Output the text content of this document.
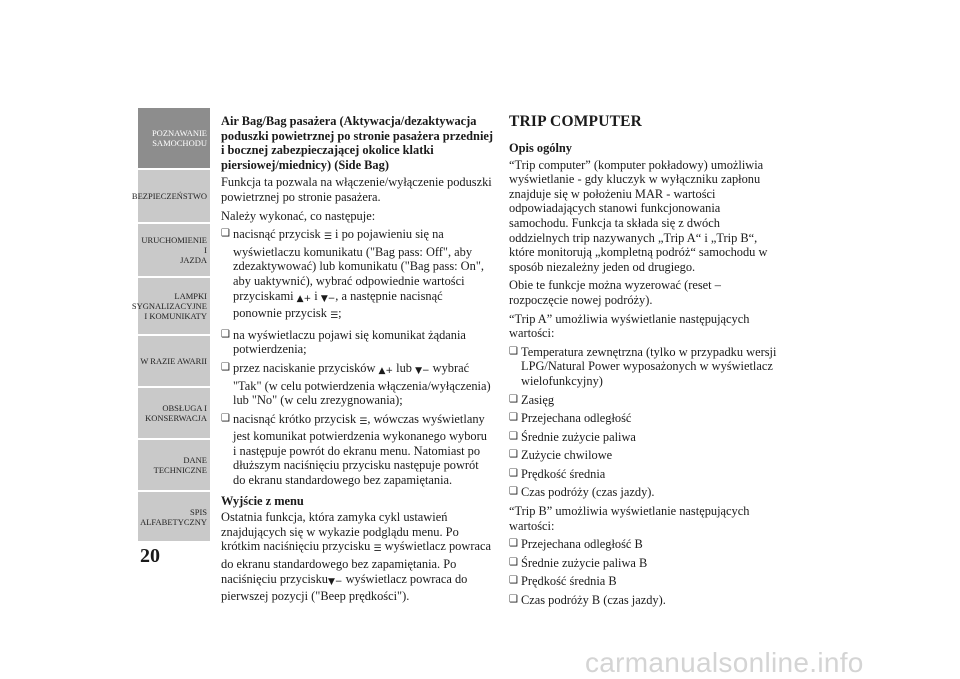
POZNAWANIE
SAMOCHODU
BEZPIECZEŃSTWO
URUCHOMIENIE I
JAZDA
LAMPKI
SYGNALIZACYJNE
I KOMUNIKATY
W RAZIE AWARII
OBSŁUGA I
KONSERWACJA
DANE
TECHNICZNE
SPIS
ALFABETYCZNY
20
Air Bag/Bag pasażera (Aktywacja/dezaktywacja poduszki powietrznej po stronie pasażera przedniej i bocznej zabezpieczającej okolice klatki piersiowej/miednicy) (Side Bag)

Funkcja ta pozwala na włączenie/wyłączenie poduszki powietrznej po stronie pasażera.

Należy wykonać, co następuje:

❑ nacisnąć przycisk ☰ i po pojawieniu się na wyświetlaczu komunikatu ("Bag pass: Off", aby zdezaktywować) lub komunikatu ("Bag pass: On", aby uaktywnić), wybrać odpowiednie wartości przyciskami ▲+ i ▼−, a następnie nacisnąć ponownie przycisk ☰;
❑ na wyświetlaczu pojawi się komunikat żądania potwierdzenia;
❑ przez naciskanie przycisków ▲+ lub ▼− wybrać "Tak" (w celu potwierdzenia włączenia/wyłączenia) lub "No" (w celu zrezygnowania);
❑ nacisnąć krótko przycisk ☰, wówczas wyświetlany jest komunikat potwierdzenia wykonanego wyboru i następuje powrót do ekranu menu. Natomiast po dłuższym naciśnięciu przycisku następuje powrót do ekranu standardowego bez zapamiętania.
Wyjście z menu

Ostatnia funkcja, która zamyka cykl ustawień znajdujących się w wykazie podglądu menu. Po krótkim naciśnięciu przycisku ☰ wyświetlacz powraca do ekranu standardowego bez zapamiętania. Po naciśnięciu przycisku▼− wyświetlacz powraca do pierwszej pozycji ("Beep prędkości").

TRIP COMPUTER
Opis ogólny

“Trip computer” (komputer pokładowy) umożliwia wyświetlanie - gdy kluczyk w wyłączniku zapłonu znajduje się w położeniu MAR - wartości odpowiadających stanowi funkcjonowania samochodu. Funkcja ta składa się z dwóch oddzielnych trip nazywanych „Trip A“ i „Trip B“, które monitorują „kompletną podróż“ samochodu w sposób niezależny jeden od drugiego.

Obie te funkcje można wyzerować (reset – rozpoczęcie nowej podróży).

“Trip A” umożliwia wyświetlanie następujących wartości:

❑ Temperatura zewnętrzna (tylko w przypadku wersji LPG/Natural Power wyposażonych w wyświetlacz wielofunkcyjny)
❑ Zasięg
❑ Przejechana odległość
❑ Średnie zużycie paliwa
❑ Zużycie chwilowe
❑ Prędkość średnia
❑ Czas podróży (czas jazdy).

“Trip B” umożliwia wyświetlanie następujących wartości:

❑ Przejechana odległość B
❑ Średnie zużycie paliwa B
❑ Prędkość średnia B
❑ Czas podróży B (czas jazdy).
carmanualsonline.info
